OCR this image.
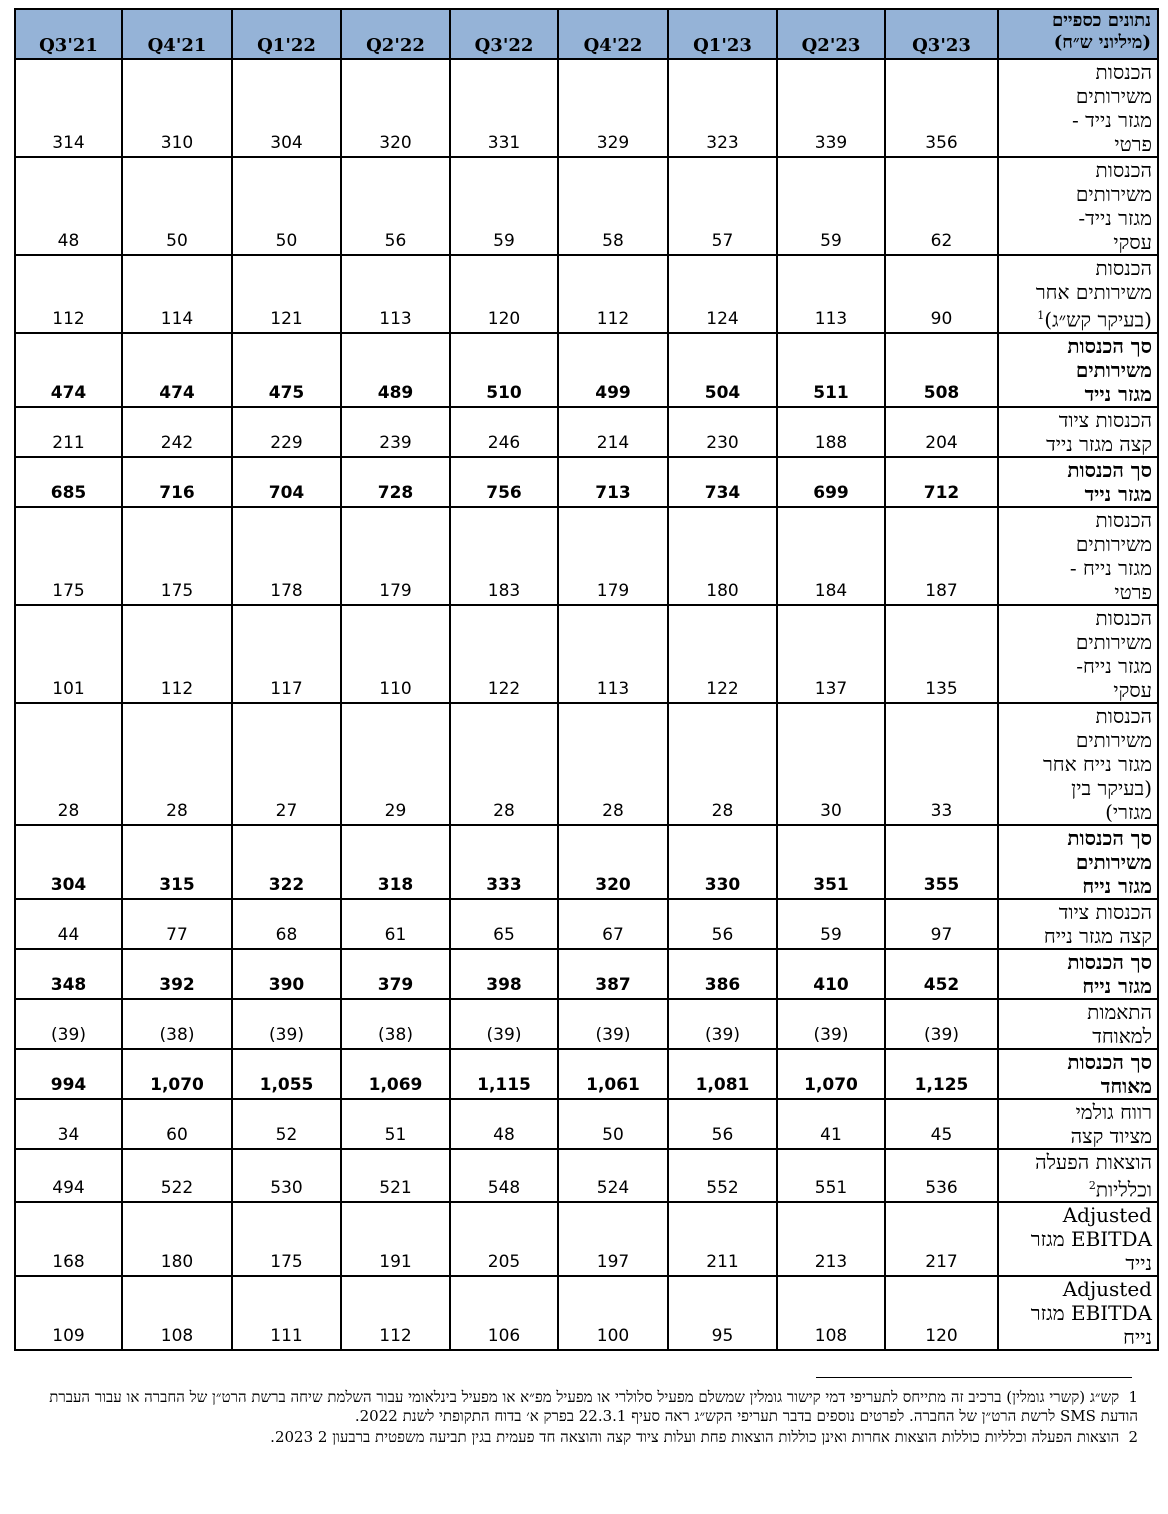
נתונים כספיים
(מיליוני ש״ח)	Q3'23	Q2'23	Q1'23	Q4'22	Q3'22	Q2'22	Q1'22	Q4'21	Q3'21
הכנסות
משירותים
מגזר נייד -
פרטי	356	339	323	329	331	320	304	310	314
הכנסות
משירותים
מגזר נייד-
עסקי	62	59	57	58	59	56	50	50	48
הכנסות
משירותים אחר
(בעיקר קש״ג)$^1$	90	113	124	112	120	113	121	114	112
סך הכנסות
משירותים
מגזר נייד	508	511	504	499	510	489	475	474	474
הכנסות ציוד
קצה מגזר נייד	204	188	230	214	246	239	229	242	211
סך הכנסות
מגזר נייד	712	699	734	713	756	728	704	716	685
הכנסות
משירותים
מגזר נייח -
פרטי	187	184	180	179	183	179	178	175	175
הכנסות
משירותים
מגזר נייח-
עסקי	135	137	122	113	122	110	117	112	101
הכנסות
משירותים
מגזר נייח אחר
(בעיקר בין
מגזרי)	33	30	28	28	28	29	27	28	28
סך הכנסות
משירותים
מגזר נייח	355	351	330	320	333	318	322	315	304
הכנסות ציוד
קצה מגזר נייח	97	59	56	67	65	61	68	77	44
סך הכנסות
מגזר נייח	452	410	386	387	398	379	390	392	348
התאמות
למאוחד	(39)	(39)	(39)	(39)	(39)	(38)	(39)	(38)	(39)
סך הכנסות
מאוחד	1,125	1,070	1,081	1,061	1,115	1,069	1,055	1,070	994
רווח גולמי
מציוד קצה	45	41	56	50	48	51	52	60	34
הוצאות הפעלה
וכלליות$^2$	536	551	552	524	548	521	530	522	494
Adjusted
EBITDA מגזר
נייד	217	213	211	197	205	191	175	180	168
Adjusted
EBITDA מגזר
נייח	120	108	95	100	106	112	111	108	109

1 קש״ג (קשרי גומלין) ברכיב זה מתייחס לתעריפי דמי קישור גומלין שמשלם מפעיל סלולרי או מפעיל מפ״א או מפעיל בינלאומי עבור השלמת שיחה ברשת הרט״ן של החברה או עבור העברת הודעת SMS לרשת הרט״ן של החברה. לפרטים נוספים בדבר תעריפי הקש״ג ראה סעיף 22.3.1 בפרק א׳ בדוח התקופתי לשנת 2022.

2 הוצאות הפעלה וכלליות כוללות הוצאות אחרות ואינן כוללות הוצאות פחת ועלות ציוד קצה והוצאה חד פעמית בגין תביעה משפטית ברבעון 2 2023.
